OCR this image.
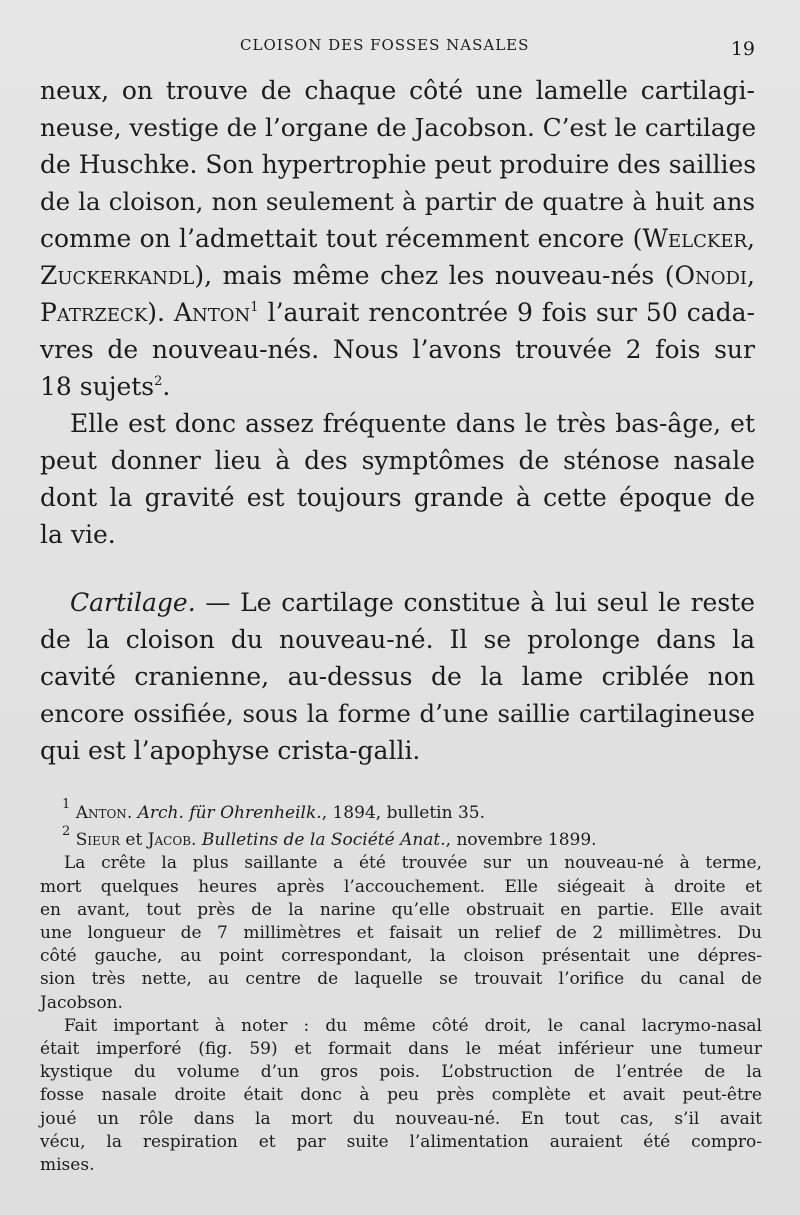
CLOISON DES FOSSES NASALES	19

neux, on trouve de chaque côté une lamelle cartilagi-
neuse, vestige de l’organe de Jacobson. C’est le cartilage
de Huschke. Son hypertrophie peut produire des saillies
de la cloison, non seulement à partir de quatre à huit ans
comme on l’admettait tout récemment encore (Welcker,
Zuckerkandl), mais même chez les nouveau-nés (Onodi,
Patrzeck). Anton$^1$ l’aurait rencontrée 9 fois sur 50 cada-
vres de nouveau-nés. Nous l’avons trouvée 2 fois sur
18 sujets$^2$.

Elle est donc assez fréquente dans le très bas-âge, et
peut donner lieu à des symptômes de sténose nasale
dont la gravité est toujours grande à cette époque de
la vie.

Cartilage. — Le cartilage constitue à lui seul le reste
de la cloison du nouveau-né. Il se prolonge dans la
cavité cranienne, au-dessus de la lame criblée non
encore ossifiée, sous la forme d’une saillie cartilagineuse
qui est l’apophyse crista-galli.
$^1$ Anton. Arch. für Ohrenheilk., 1894, bulletin 35.
$^2$ Sieur et Jacob. Bulletins de la Société Anat., novembre 1899.
La crête la plus saillante a été trouvée sur un nouveau-né à terme,
mort quelques heures après l’accouchement. Elle siégeait à droite et
en avant, tout près de la narine qu’elle obstruait en partie. Elle avait
une longueur de 7 millimètres et faisait un relief de 2 millimètres. Du
côté gauche, au point correspondant, la cloison présentait une dépres-
sion très nette, au centre de laquelle se trouvait l’orifice du canal de
Jacobson.
Fait important à noter : du même côté droit, le canal lacrymo-nasal
était imperforé (fig. 59) et formait dans le méat inférieur une tumeur
kystique du volume d’un gros pois. L’obstruction de l’entrée de la
fosse nasale droite était donc à peu près complète et avait peut-être
joué un rôle dans la mort du nouveau-né. En tout cas, s’il avait
vécu, la respiration et par suite l’alimentation auraient été compro-
mises.
